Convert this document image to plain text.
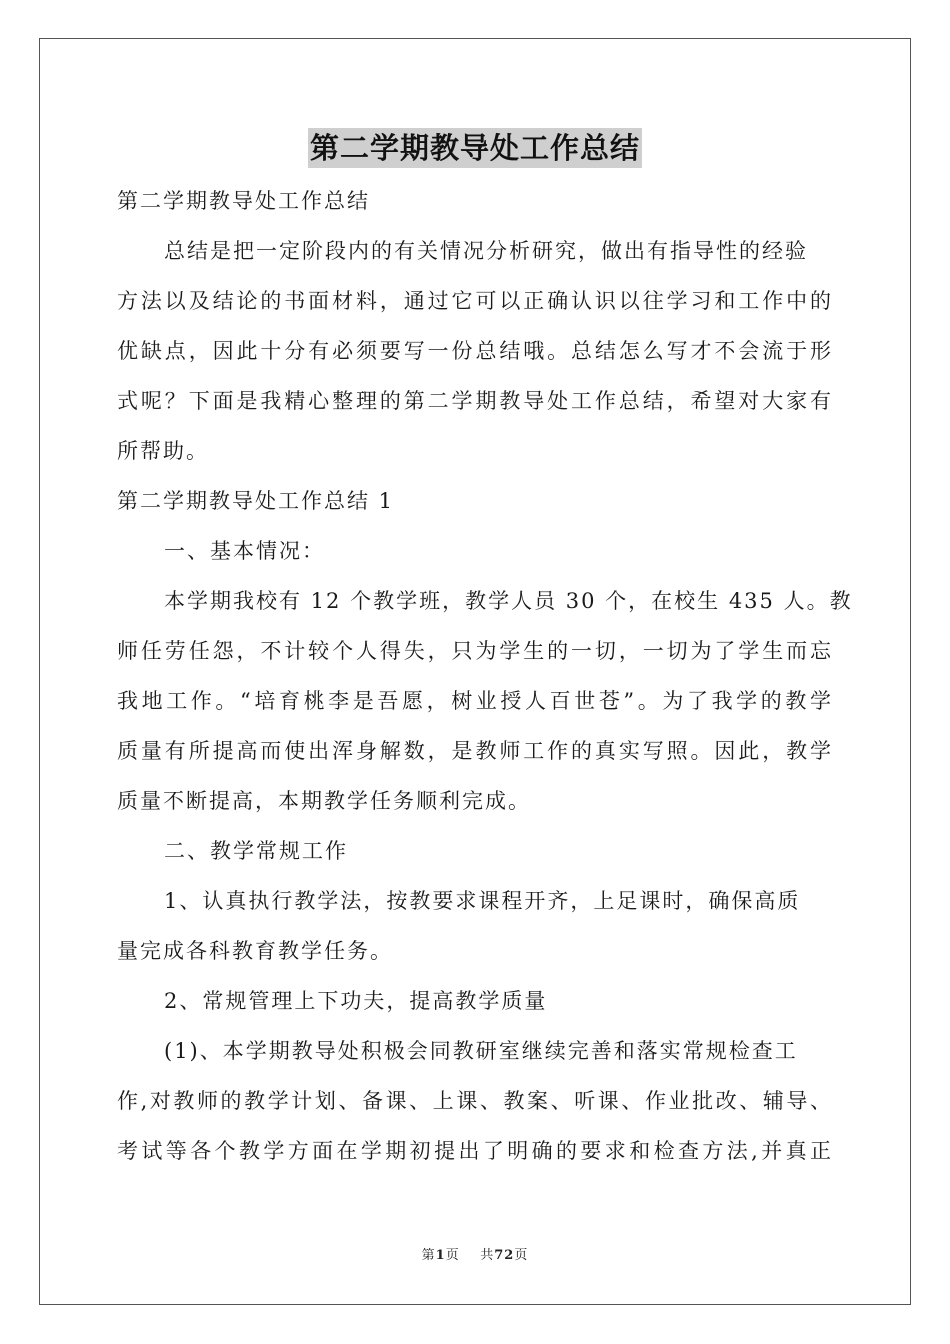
第二学期教导处工作总结
第二学期教导处工作总结
总结是把一定阶段内的有关情况分析研究，做出有指导性的经验
方法以及结论的书面材料，通过它可以正确认识以往学习和工作中的
优缺点，因此十分有必须要写一份总结哦。总结怎么写才不会流于形
式呢？下面是我精心整理的第二学期教导处工作总结，希望对大家有
所帮助。
第二学期教导处工作总结 1
一、基本情况：
本学期我校有 12 个教学班，教学人员 30 个，在校生 435 人。教
师任劳任怨，不计较个人得失，只为学生的一切，一切为了学生而忘
我地工作。“培育桃李是吾愿，树业授人百世苍”。为了我学的教学
质量有所提高而使出浑身解数，是教师工作的真实写照。因此，教学
质量不断提高，本期教学任务顺利完成。
二、教学常规工作
1、认真执行教学法，按教要求课程开齐，上足课时，确保高质
量完成各科教育教学任务。
2、常规管理上下功夫，提高教学质量
(1)、本学期教导处积极会同教研室继续完善和落实常规检查工
作,对教师的教学计划、备课、上课、教案、听课、作业批改、辅导、
考试等各个教学方面在学期初提出了明确的要求和检查方法,并真正
第1页 共72页
